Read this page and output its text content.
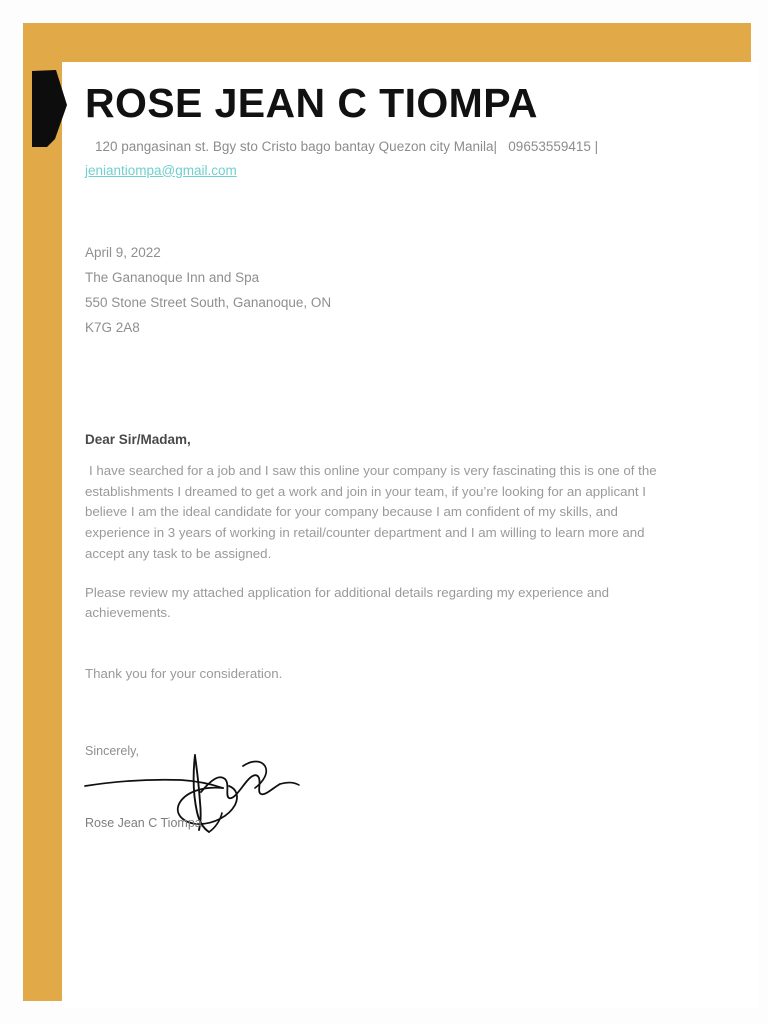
ROSE JEAN C TIOMPA
120 pangasinan st. Bgy sto Cristo bago bantay Quezon city Manila| 09653559415 |
jeniantiompa@gmail.com
April 9, 2022
The Gananoque Inn and Spa
550 Stone Street South, Gananoque, ON
K7G 2A8

Dear Sir/Madam,

I have searched for a job and I saw this online your company is very fascinating this is one of the establishments I dreamed to get a work and join in your team, if you’re looking for an applicant I believe I am the ideal candidate for your company because I am confident of my skills, and experience in 3 years of working in retail/counter department and I am willing to learn more and accept any task to be assigned.

Please review my attached application for additional details regarding my experience and achievements.

Thank you for your consideration.

Sincerely,
Rose Jean C Tiompa
